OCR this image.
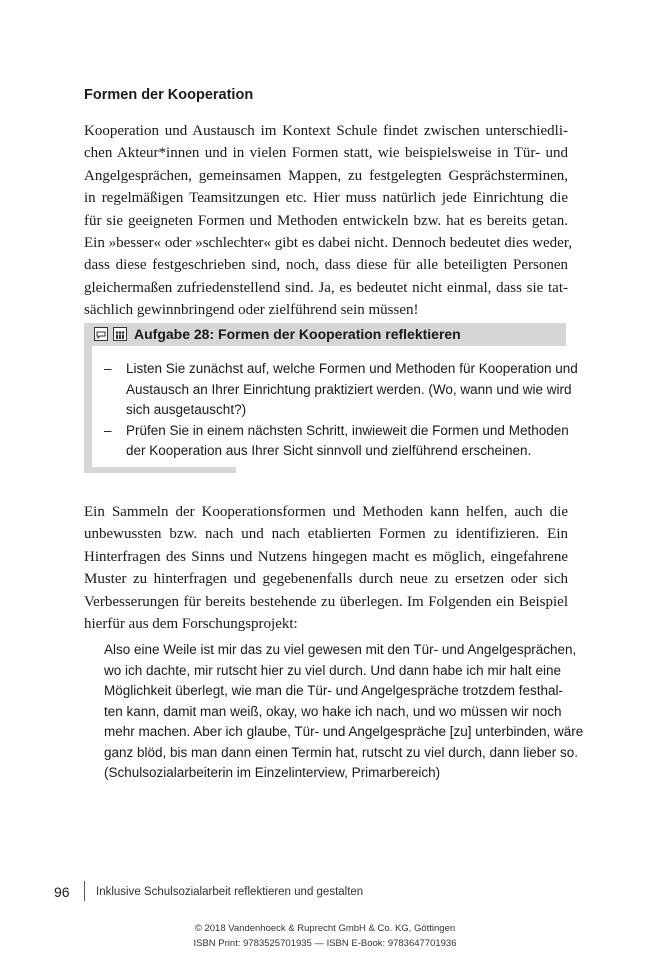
Formen der Kooperation
Kooperation und Austausch im Kontext Schule findet zwischen unterschiedli-
chen Akteur*innen und in vielen Formen statt, wie beispielsweise in Tür- und
Angelgesprächen, gemeinsamen Mappen, zu festgelegten Gesprächsterminen,
in regelmäßigen Teamsitzungen etc. Hier muss natürlich jede Einrichtung die
für sie geeigneten Formen und Methoden entwickeln bzw. hat es bereits getan.
Ein »besser« oder »schlechter« gibt es dabei nicht. Dennoch bedeutet dies weder,
dass diese festgeschrieben sind, noch, dass diese für alle beteiligten Personen
gleichermaßen zufriedenstellend sind. Ja, es bedeutet nicht einmal, dass sie tat-
sächlich gewinnbringend oder zielführend sein müssen!
Aufgabe 28: Formen der Kooperation reflektieren
– Listen Sie zunächst auf, welche Formen und Methoden für Kooperation und
Austausch an Ihrer Einrichtung praktiziert werden. (Wo, wann und wie wird
sich ausgetauscht?)
– Prüfen Sie in einem nächsten Schritt, inwieweit die Formen und Methoden
der Kooperation aus Ihrer Sicht sinnvoll und zielführend erscheinen.
Ein Sammeln der Kooperationsformen und Methoden kann helfen, auch die
unbewussten bzw. nach und nach etablierten Formen zu identifizieren. Ein
Hinterfragen des Sinns und Nutzens hingegen macht es möglich, eingefahrene
Muster zu hinterfragen und gegebenenfalls durch neue zu ersetzen oder sich
Verbesserungen für bereits bestehende zu überlegen. Im Folgenden ein Beispiel
hierfür aus dem Forschungsprojekt:
Also eine Weile ist mir das zu viel gewesen mit den Tür- und Angelgesprächen,
wo ich dachte, mir rutscht hier zu viel durch. Und dann habe ich mir halt eine
Möglichkeit überlegt, wie man die Tür- und Angelgespräche trotzdem festhal-
ten kann, damit man weiß, okay, wo hake ich nach, und wo müssen wir noch
mehr machen. Aber ich glaube, Tür- und Angelgespräche [zu] unterbinden, wäre
ganz blöd, bis man dann einen Termin hat, rutscht zu viel durch, dann lieber so.
(Schulsozialarbeiterin im Einzelinterview, Primarbereich)
96 Inklusive Schulsozialarbeit reflektieren und gestalten
© 2018 Vandenhoeck & Ruprecht GmbH & Co. KG, Göttingen
ISBN Print: 9783525701935 — ISBN E-Book: 9783647701936
